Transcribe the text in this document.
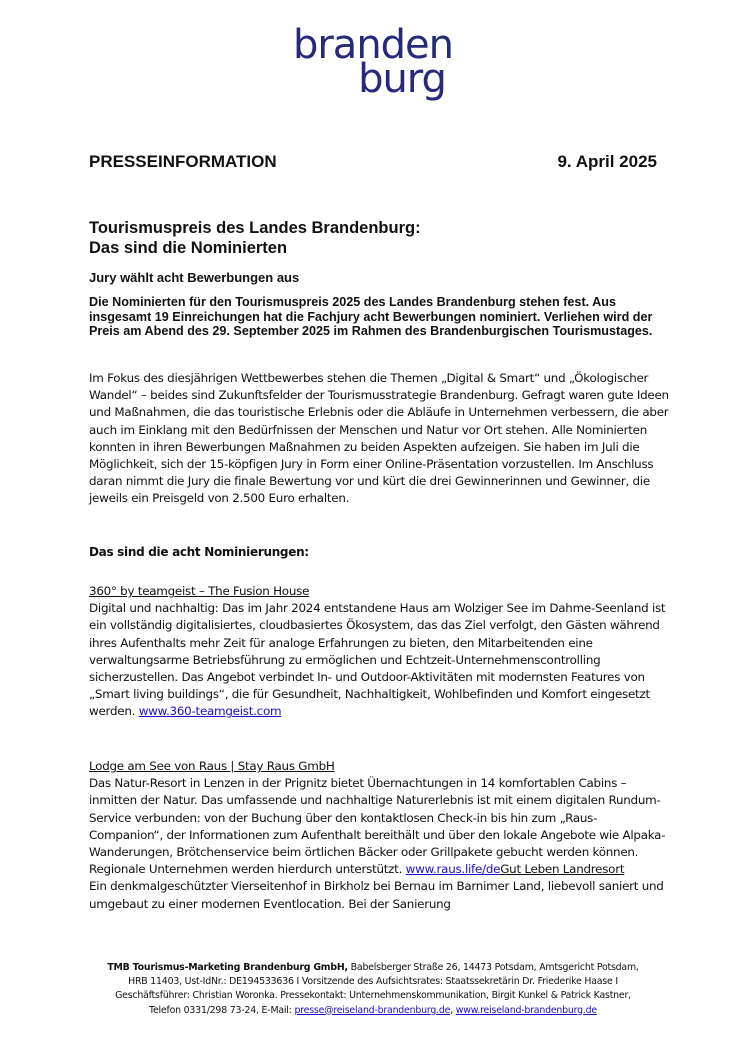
branden
burg
PRESSEINFORMATION	9. April 2025
Tourismuspreis des Landes Brandenburg:
Das sind die Nominierten
Jury wählt acht Bewerbungen aus
Die Nominierten für den Tourismuspreis 2025 des Landes Brandenburg stehen fest. Aus insgesamt 19 Einreichungen hat die Fachjury acht Bewerbungen nominiert. Verliehen wird der Preis am Abend des 29. September 2025 im Rahmen des Brandenburgischen Tourismustages.
Im Fokus des diesjährigen Wettbewerbes stehen die Themen „Digital & Smart“ und „Ökologischer Wandel“ – beides sind Zukunftsfelder der Tourismusstrategie Brandenburg. Gefragt waren gute Ideen und Maßnahmen, die das touristische Erlebnis oder die Abläufe in Unternehmen verbessern, die aber auch im Einklang mit den Bedürfnissen der Menschen und Natur vor Ort stehen. Alle Nominierten konnten in ihren Bewerbungen Maßnahmen zu beiden Aspekten aufzeigen. Sie haben im Juli die Möglichkeit, sich der 15-köpfigen Jury in Form einer Online-Präsentation vorzustellen. Im Anschluss daran nimmt die Jury die finale Bewertung vor und kürt die drei Gewinnerinnen und Gewinner, die jeweils ein Preisgeld von 2.500 Euro erhalten.
Das sind die acht Nominierungen:
360° by teamgeist – The Fusion House
Digital und nachhaltig: Das im Jahr 2024 entstandene Haus am Wolziger See im Dahme-Seenland ist ein vollständig digitalisiertes, cloudbasiertes Ökosystem, das das Ziel verfolgt, den Gästen während ihres Aufenthalts mehr Zeit für analoge Erfahrungen zu bieten, den Mitarbeitenden eine verwaltungsarme Betriebsführung zu ermöglichen und Echtzeit-Unternehmenscontrolling sicherzustellen. Das Angebot verbindet In- und Outdoor-Aktivitäten mit modernsten Features von „Smart living buildings“, die für Gesundheit, Nachhaltigkeit, Wohlbefinden und Komfort eingesetzt werden. www.360-teamgeist.com
Lodge am See von Raus | Stay Raus GmbH
Das Natur-Resort in Lenzen in der Prignitz bietet Übernachtungen in 14 komfortablen Cabins – inmitten der Natur. Das umfassende und nachhaltige Naturerlebnis ist mit einem digitalen Rundum-Service verbunden: von der Buchung über den kontaktlosen Check-in bis hin zum „Raus-Companion“, der Informationen zum Aufenthalt bereithält und über den lokale Angebote wie Alpaka-Wanderungen, Brötchenservice beim örtlichen Bäcker oder Grillpakete gebucht werden können. Regionale Unternehmen werden hierdurch unterstützt. www.raus.life/deGut Leben Landresort
Ein denkmalgeschützter Vierseitenhof in Birkholz bei Bernau im Barnimer Land, liebevoll saniert und umgebaut zu einer modernen Eventlocation. Bei der Sanierung
TMB Tourismus-Marketing Brandenburg GmbH, Babelsberger Straße 26, 14473 Potsdam, Amtsgericht Potsdam, HRB 11403, Ust-IdNr.: DE194533636 I Vorsitzende des Aufsichtsrates: Staatssekretärin Dr. Friederike Haase I Geschäftsführer: Christian Woronka. Pressekontakt: Unternehmenskommunikation, Birgit Kunkel & Patrick Kastner, Telefon 0331/298 73-24, E-Mail: presse@reiseland-brandenburg.de, www.reiseland-brandenburg.de
